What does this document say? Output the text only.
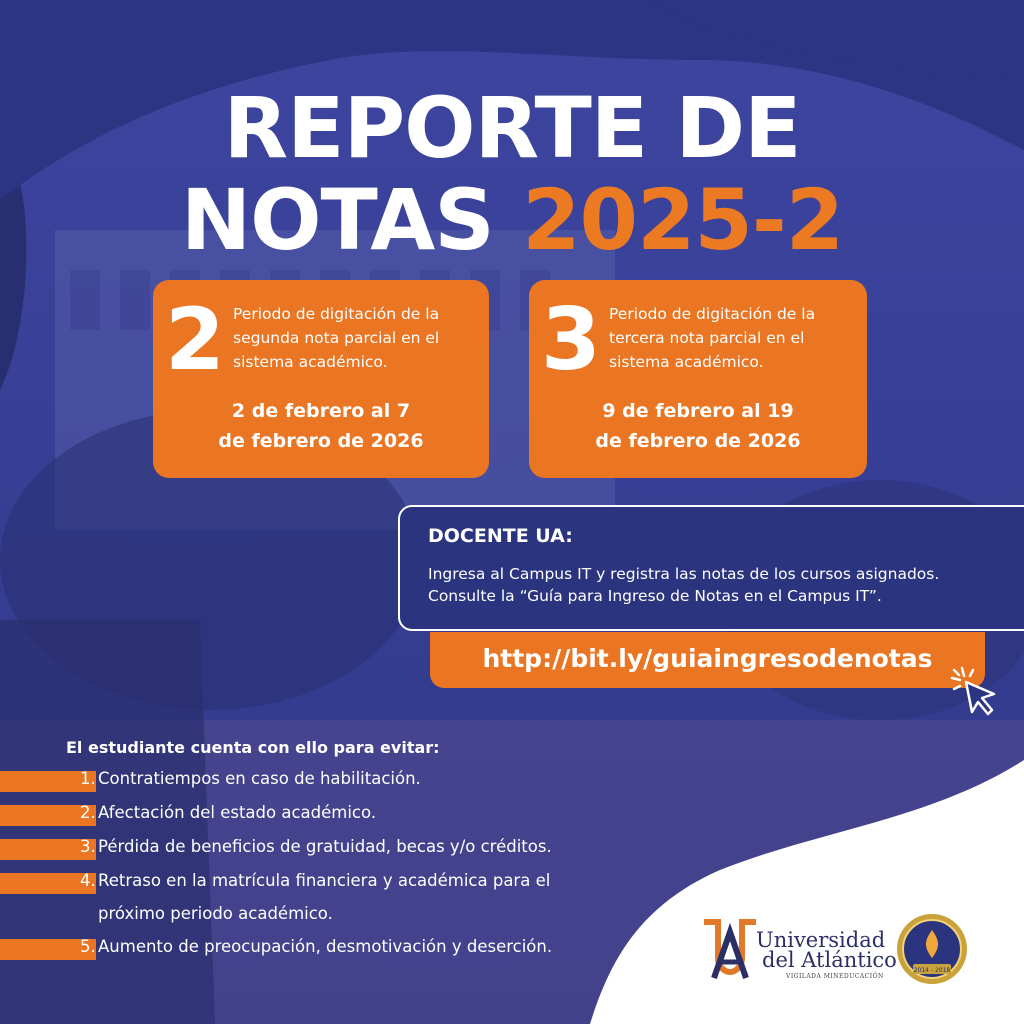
REPORTE DE
NOTAS 2025-2
2 Periodo de digitación de la segunda nota parcial en el sistema académico.
2 de febrero al 7
de febrero de 2026
3 Periodo de digitación de la tercera nota parcial en el sistema académico.
9 de febrero al 19
de febrero de 2026
DOCENTE UA:
Ingresa al Campus IT y registra las notas de los cursos asignados.
Consulte la “Guía para Ingreso de Notas en el Campus IT”.
http://bit.ly/guiaingresodenotas
El estudiante cuenta con ello para evitar:
1. Contratiempos en caso de habilitación.
2. Afectación del estado académico.
3. Pérdida de beneficios de gratuidad, becas y/o créditos.
4. Retraso en la matrícula financiera y académica para el
próximo periodo académico.
5. Aumento de preocupación, desmotivación y deserción.	Universidad
del Atlántico
VIGILADA MINEDUCACIÓN
2014 - 2018
